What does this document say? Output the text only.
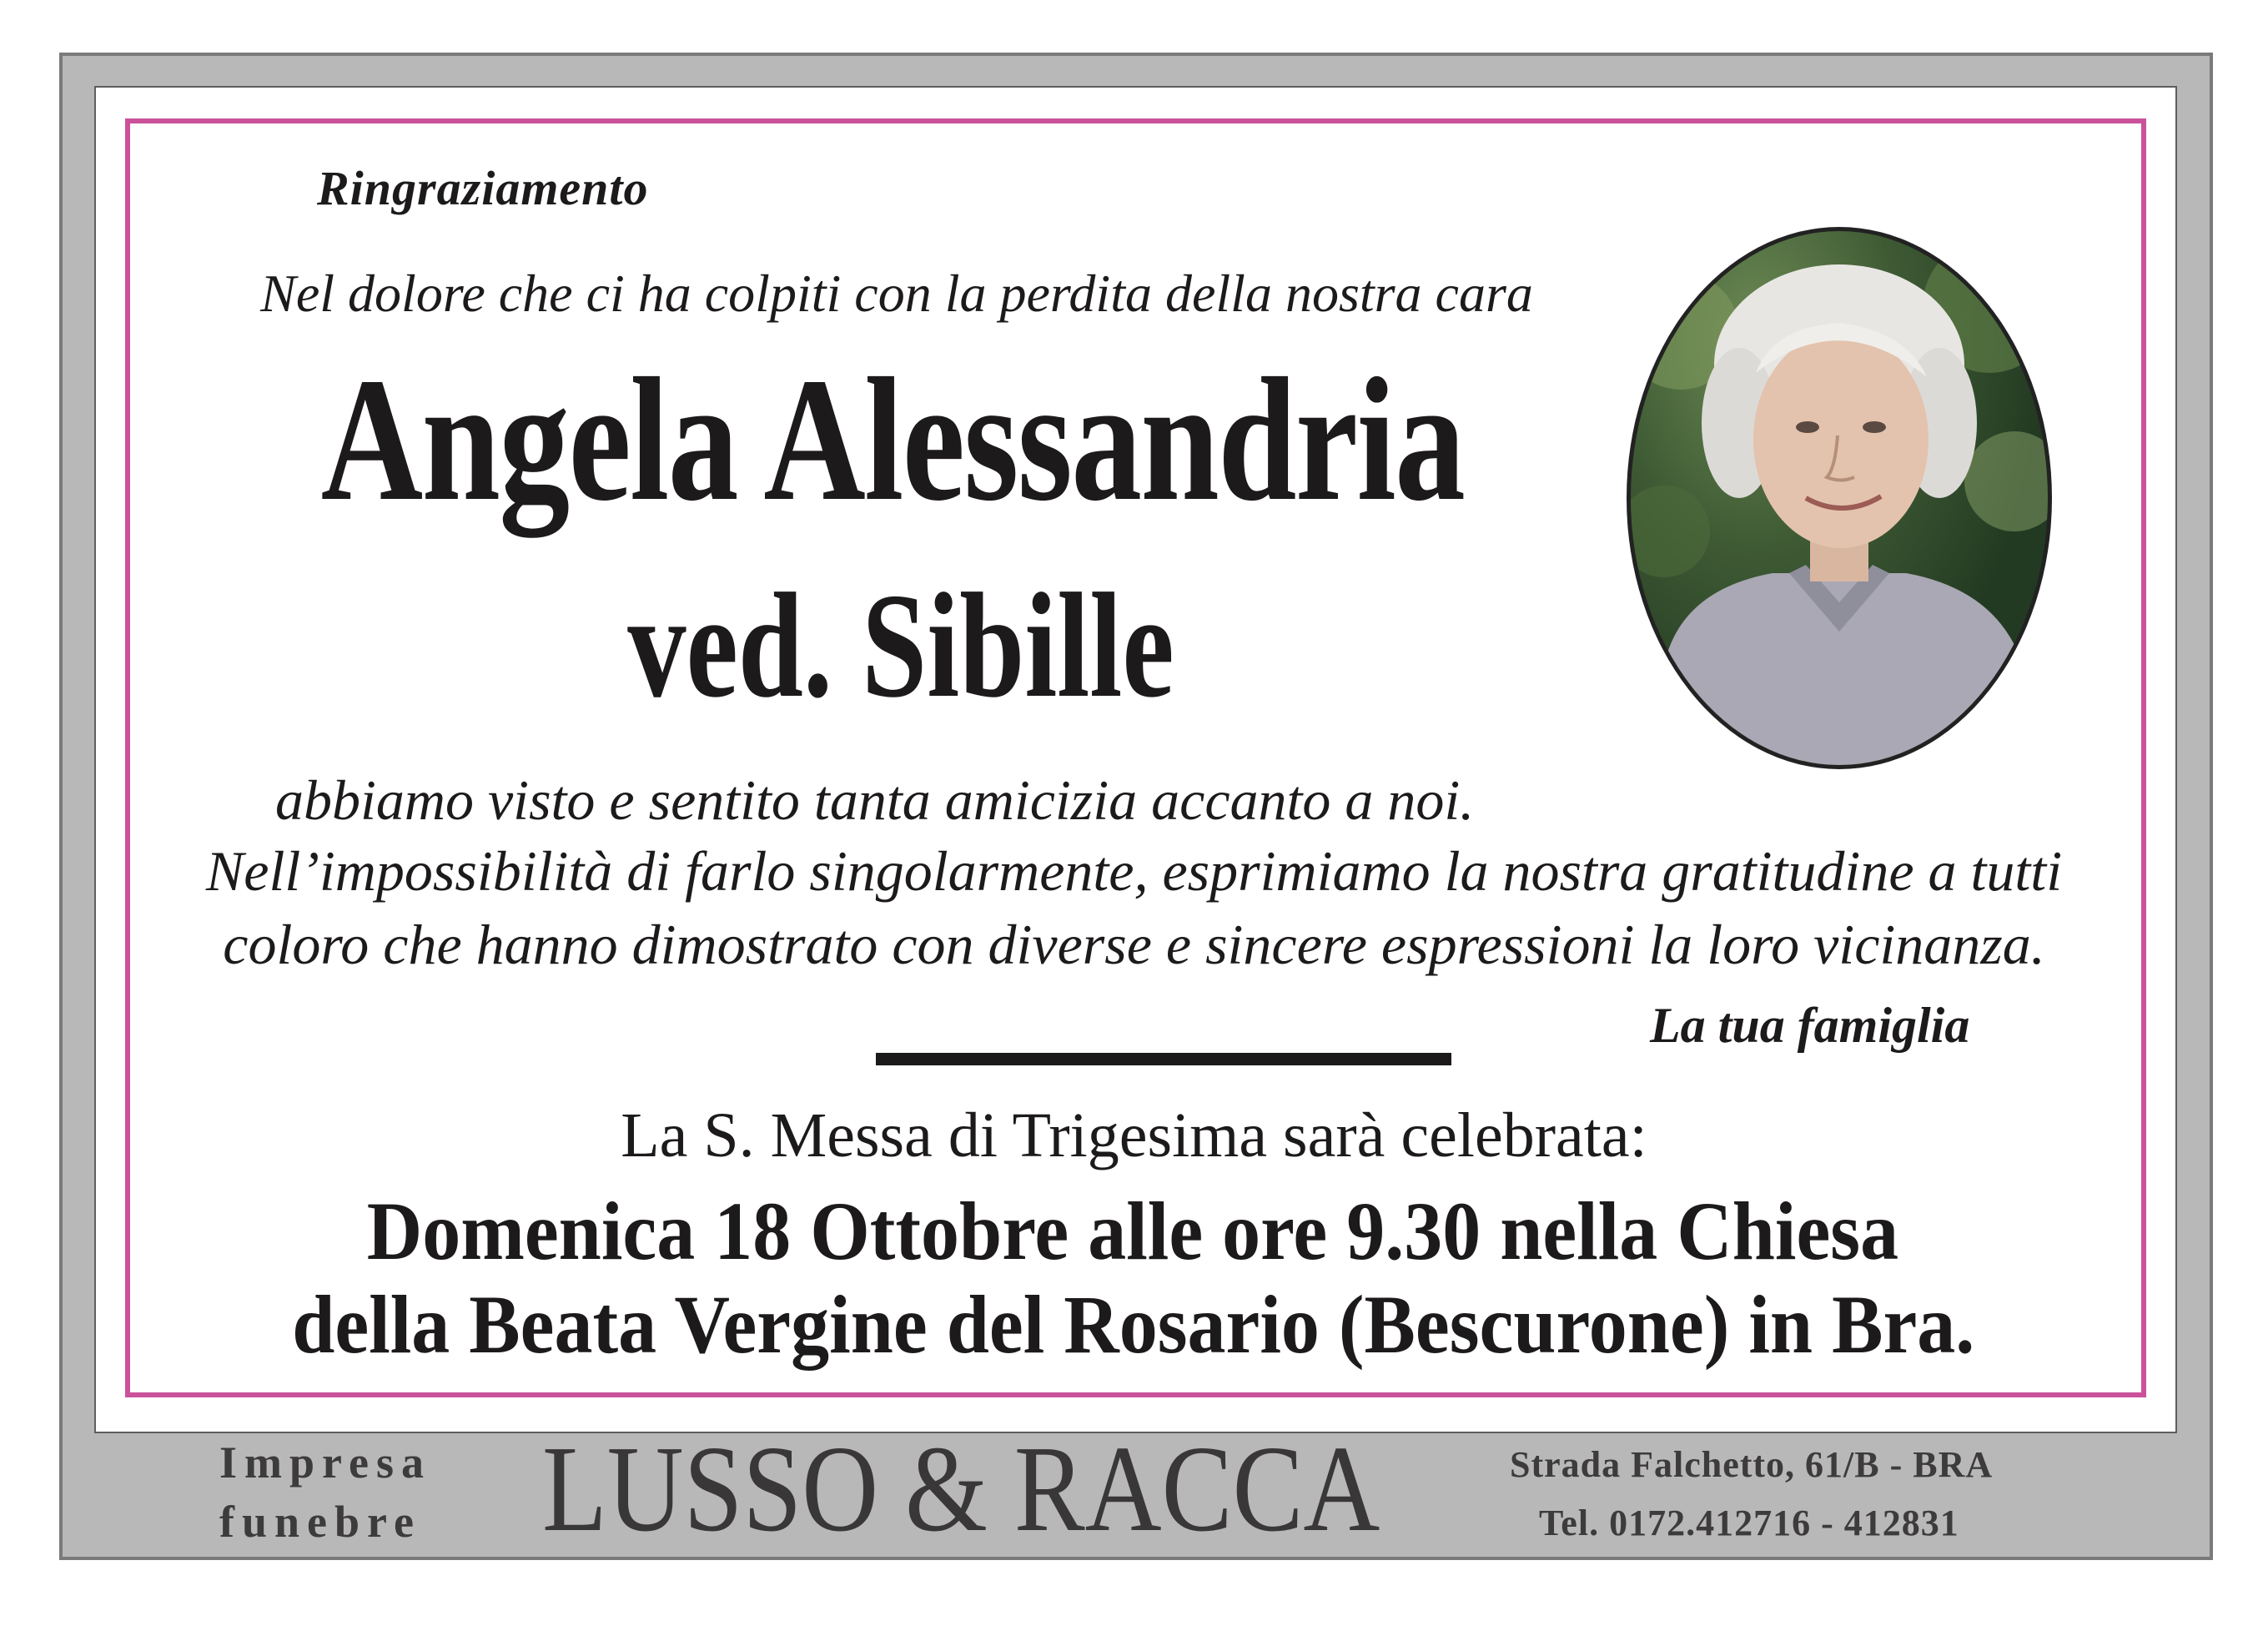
Ringraziamento
Nel dolore che ci ha colpiti con la perdita della nostra cara
Angela Alessandria
ved. Sibille
abbiamo visto e sentito tanta amicizia accanto a noi.
Nell’impossibilità di farlo singolarmente, esprimiamo la nostra gratitudine a tutti
coloro che hanno dimostrato con diverse e sincere espressioni la loro vicinanza.
La tua famiglia
La S. Messa di Trigesima sarà celebrata:
Domenica 18 Ottobre alle ore 9.30 nella Chiesa
della Beata Vergine del Rosario (Bescurone) in Bra.
Impresa
funebre LUSSO & RACCA	Strada Falchetto, 61/B - BRA
Tel. 0172.412716 - 412831
